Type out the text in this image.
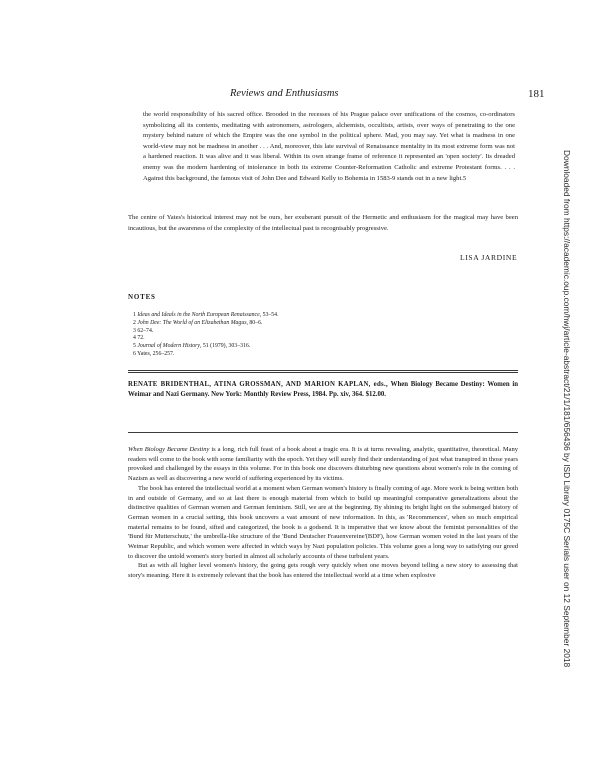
Reviews and Enthusiasms	181
the world responsibility of his sacred office. Brooded in the recesses of his Prague palace over unifications of the cosmos, co-ordinators symbolizing all its contents, meditating with astronomers, astrologers, alchemists, occultists, artists, over ways of penetrating to the one mystery behind nature of which the Empire was the one symbol in the political sphere. Mad, you may say. Yet what is madness in one world-view may not be madness in another . . . And, moreover, this late survival of Renaissance mentality in its most extreme form was not a hardened reaction. It was alive and it was liberal. Within its own strange frame of reference it represented an 'open society'. Its dreaded enemy was the modern hardening of intolerance in both its extreme Counter-Reformation Catholic and extreme Protestant forms. . . . Against this background, the famous visit of John Dee and Edward Kelly to Bohemia in 1583-9 stands out in a new light.5
The centre of Yates's historical interest may not be ours, her exuberant pursuit of the Hermetic and enthusiasm for the magical may have been incautious, but the awareness of the complexity of the intellectual past is recognisably progressive.
LISA JARDINE
NOTES
1 Ideas and Ideals in the North European Renaissance, 53–54.
2 John Dee: The World of an Elizabethan Magus, 80–6.
3 62–74.
4 72.
5 Journal of Modern History, 51 (1979), 303–316.
6 Yates, 256–257.
RENATE BRIDENTHAL, ATINA GROSSMAN, AND MARION KAPLAN, eds., When Biology Became Destiny: Women in Weimar and Nazi Germany. New York: Monthly Review Press, 1984. Pp. xiv, 364. $12.00.

When Biology Became Destiny is a long, rich full feast of a book about a tragic era. It is at turns revealing, analytic, quantitative, theoretical. Many readers will come to the book with some familiarity with the epoch. Yet they will surely find their understanding of just what transpired in those years provoked and challenged by the essays in this volume. For in this book one discovers disturbing new questions about women's role in the coming of Nazism as well as discovering a new world of suffering experienced by its victims.

The book has entered the intellectual world at a moment when German women's history is finally coming of age. More work is being written both in and outside of Germany, and so at last there is enough material from which to build up meaningful comparative generalizations about the distinctive qualities of German women and German feminism. Still, we are at the beginning. By shining its bright light on the submerged history of German women in a crucial setting, this book uncovers a vast amount of new information. In this, as 'Recommences', when so much empirical material remains to be found, sifted and categorized, the book is a godsend. It is imperative that we know about the feminist personalities of the 'Bund für Mutterschutz,' the umbrella-like structure of the 'Bund Deutscher Frauenvereine'(BDF), how German women voted in the last years of the Weimar Republic, and which women were affected in which ways by Nazi population policies. This volume goes a long way to satisfying our greed to discover the untold women's story buried in almost all scholarly accounts of these turbulent years.

But as with all higher level women's history, the going gets rough very quickly when one moves beyond telling a new story to assessing that story's meaning. Here it is extremely relevant that the book has entered the intellectual world at a time when explosive	Downloaded from https://academic.oup.com/hwj/article-abstract/21/1/181/656436 by ISD Library 0175C Serials user on 12 September 2018
